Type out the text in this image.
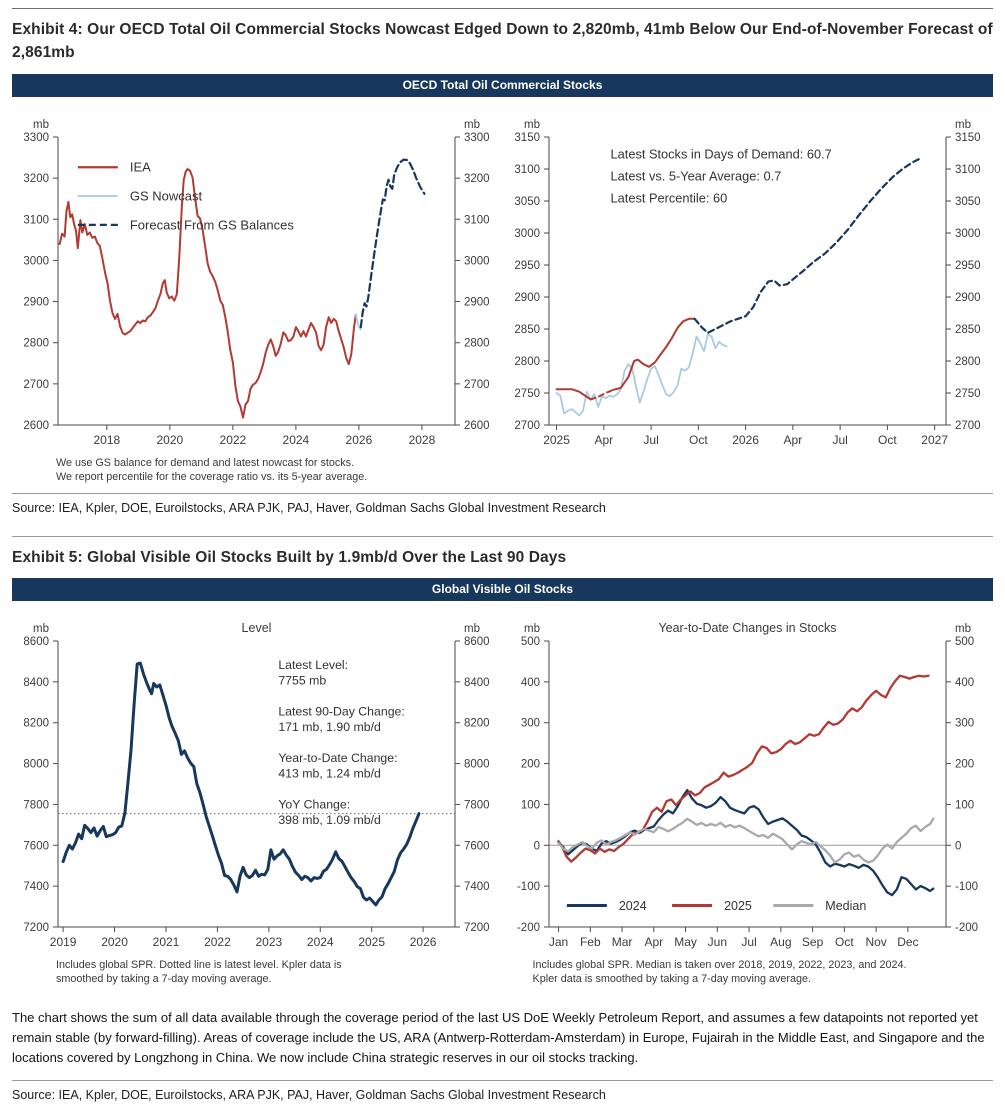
Exhibit 4: Our OECD Total Oil Commercial Stocks Nowcast Edged Down to 2,820mb, 41mb Below Our End-of-November Forecast of 2,861mb
OECD Total Oil Commercial Stocks
2600	2600
2700	2700
2800	2800
2900	2900
3000	3000
3100	3100
3200	3200
3300	3300
2018	2020	2022	2024	2026	2028
mb	mb
IEA
GS Nowcast
Forecast From GS Balances
We use GS balance for demand and latest nowcast for stocks.
We report percentile for the coverage ratio vs. its 5-year average.
2700	2700
2750	2750
2800	2800
2850	2850
2900	2900
2950	2950
3000	3000
3050	3050
3100	3100
3150	3150
2025 Apr	Jul	Oct 2026 Apr	Jul	Oct 2027
mb	mb
Latest Stocks in Days of Demand: 60.7
Latest vs. 5-Year Average: 0.7
Latest Percentile: 60
Source: IEA, Kpler, DOE, Euroilstocks, ARA PJK, PAJ, Haver, Goldman Sachs Global Investment Research
Exhibit 5: Global Visible Oil Stocks Built by 1.9mb/d Over the Last 90 Days
Global Visible Oil Stocks
7200	7200
7400	7400
7600	7600
7800	7800
8000	8000
8200	8200
8400	8400
8600	8600
2019 2020 2021 2022 2023 2024 2025 2026
mb	mb
Level
Latest Level:
7755 mb
Latest 90-Day Change:
171 mb, 1.90 mb/d
Year-to-Date Change:
413 mb, 1.24 mb/d
YoY Change:
398 mb, 1.09 mb/d
Includes global SPR. Dotted line is latest level. Kpler data is
smoothed by taking a 7-day moving average.
-200	-200
-100	-100
0	0
100	100
200	200
300	300
400	400
500	500
Jan Feb Mar Apr May Jun Jul Aug Sep Oct Nov Dec
mb	mb
Year-to-Date Changes in Stocks
2024	2025	Median
Includes global SPR. Median is taken over 2018, 2019, 2022, 2023, and 2024.
Kpler data is smoothed by taking a 7-day moving average.

The chart shows the sum of all data available through the coverage period of the last US DoE Weekly Petroleum Report, and assumes a few datapoints not reported yet remain stable (by forward-filling). Areas of coverage include the US, ARA (Antwerp-Rotterdam-Amsterdam) in Europe, Fujairah in the Middle East, and Singapore and the locations covered by Longzhong in China. We now include China strategic reserves in our oil stocks tracking.

Source: IEA, Kpler, DOE, Euroilstocks, ARA PJK, PAJ, Haver, Goldman Sachs Global Investment Research
